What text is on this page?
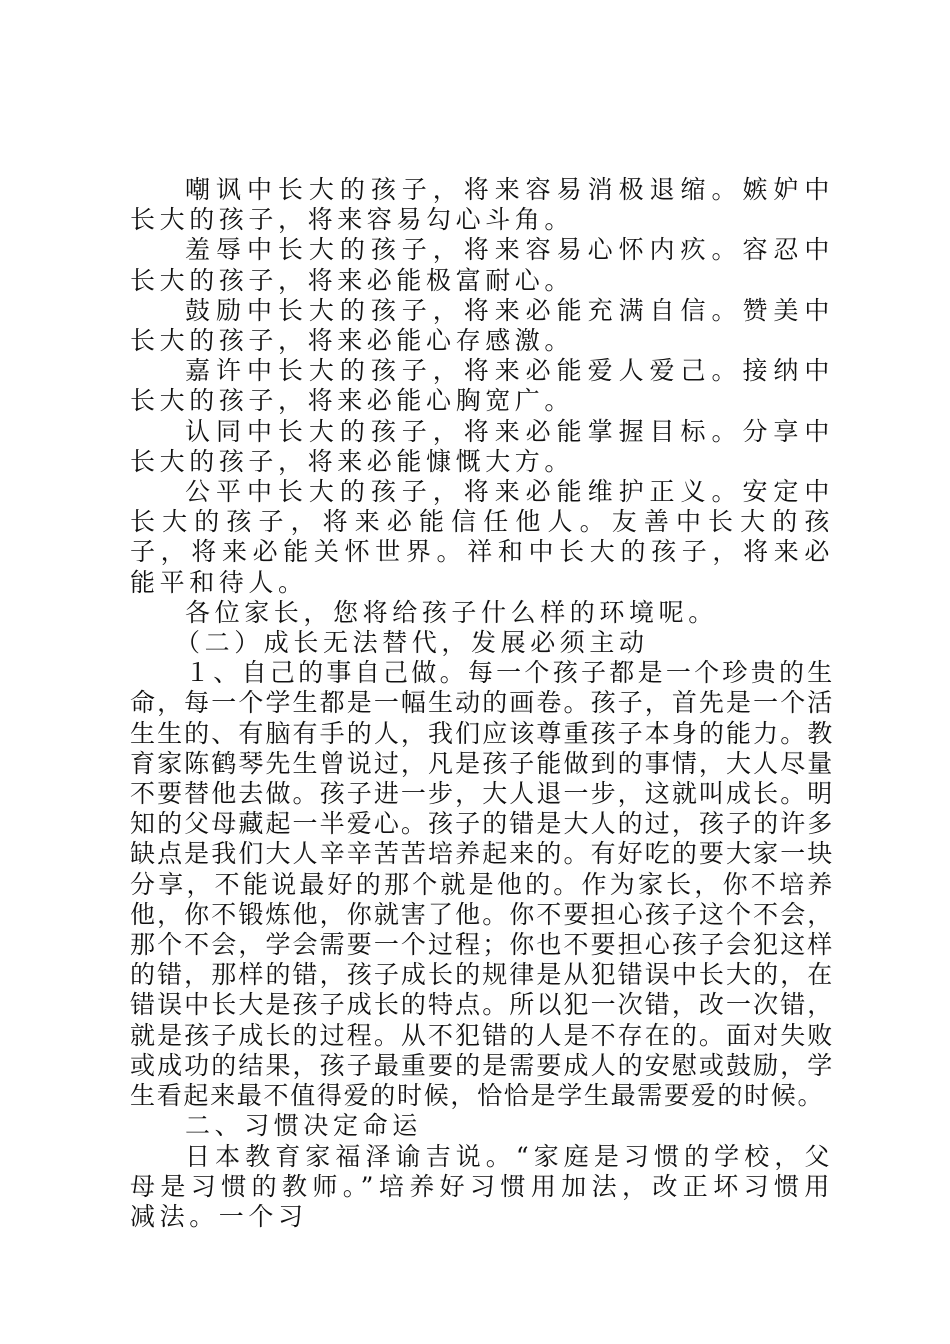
嘲讽中长大的孩子，将来容易消极退缩。嫉妒中长大的孩子，将来容易勾心斗角。

羞辱中长大的孩子，将来容易心怀内疚。容忍中长大的孩子，将来必能极富耐心。

鼓励中长大的孩子，将来必能充满自信。赞美中长大的孩子，将来必能心存感激。

嘉许中长大的孩子，将来必能爱人爱己。接纳中长大的孩子，将来必能心胸宽广。

认同中长大的孩子，将来必能掌握目标。分享中长大的孩子，将来必能慷慨大方。

公平中长大的孩子，将来必能维护正义。安定中长大的孩子，将来必能信任他人。友善中长大的孩子，将来必能关怀世界。祥和中长大的孩子，将来必能平和待人。

各位家长，您将给孩子什么样的环境呢。

（二）成长无法替代，发展必须主动

１、自己的事自己做。每一个孩子都是一个珍贵的生命，每一个学生都是一幅生动的画卷。孩子，首先是一个活生生的、有脑有手的人，我们应该尊重孩子本身的能力。教育家陈鹤琴先生曾说过，凡是孩子能做到的事情，大人尽量不要替他去做。孩子进一步，大人退一步，这就叫成长。明知的父母藏起一半爱心。孩子的错是大人的过，孩子的许多缺点是我们大人辛辛苦苦培养起来的。有好吃的要大家一块分享，不能说最好的那个就是他的。作为家长，你不培养他，你不锻炼他，你就害了他。你不要担心孩子这个不会，那个不会，学会需要一个过程；你也不要担心孩子会犯这样的错，那样的错，孩子成长的规律是从犯错误中长大的，在错误中长大是孩子成长的特点。所以犯一次错，改一次错，就是孩子成长的过程。从不犯错的人是不存在的。面对失败或成功的结果，孩子最重要的是需要成人的安慰或鼓励，学生看起来最不值得爱的时候，恰恰是学生最需要爱的时候。

二、习惯决定命运

日本教育家福泽谕吉说。“家庭是习惯的学校，父母是习惯的教师。”培养好习惯用加法，改正坏习惯用减法。一个习
